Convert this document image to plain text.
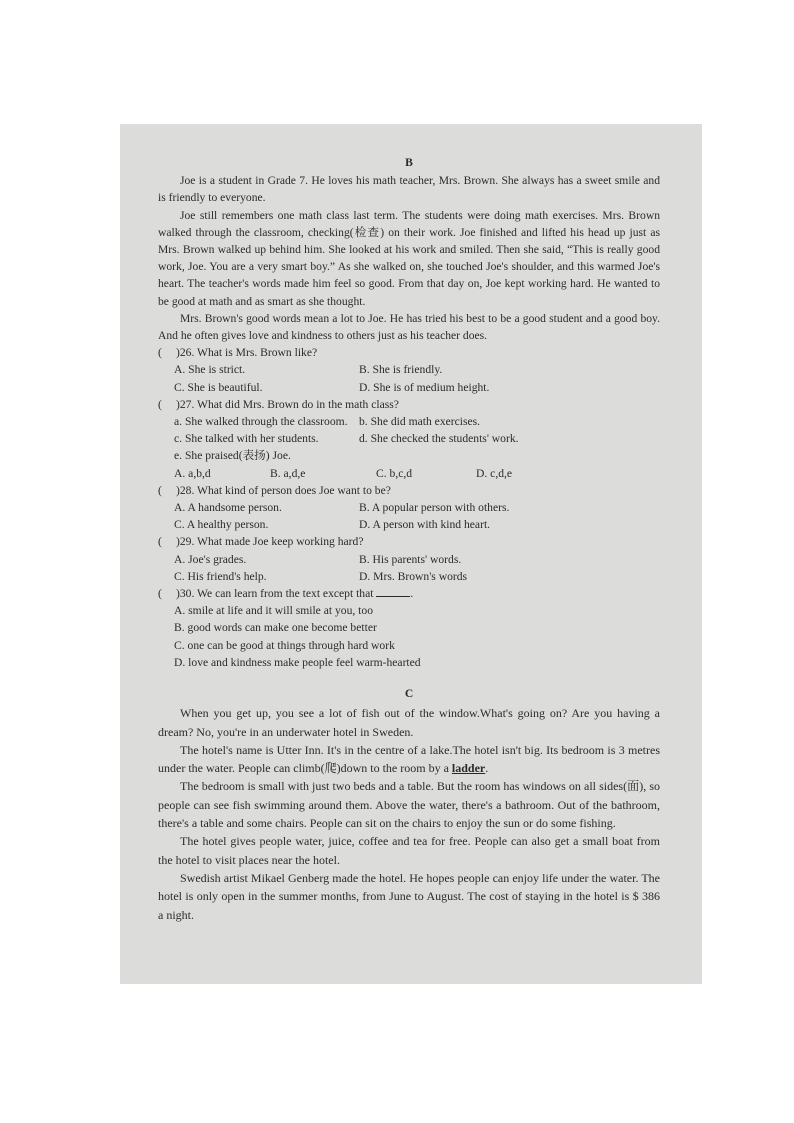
B

Joe is a student in Grade 7. He loves his math teacher, Mrs. Brown. She always has a sweet smile and is friendly to everyone.

Joe still remembers one math class last term. The students were doing math exercises. Mrs. Brown walked through the classroom, checking(检查) on their work. Joe finished and lifted his head up just as Mrs. Brown walked up behind him. She looked at his work and smiled. Then she said, “This is really good work, Joe. You are a very smart boy.” As she walked on, she touched Joe's shoulder, and this warmed Joe's heart. The teacher's words made him feel so good. From that day on, Joe kept working hard. He wanted to be good at math and as smart as she thought.

Mrs. Brown's good words mean a lot to Joe. He has tried his best to be a good student and a good boy. And he often gives love and kindness to others just as his teacher does.

( )26. What is Mrs. Brown like?
A. She is strict.	B. She is friendly.
C. She is beautiful.	D. She is of medium height.
( )27. What did Mrs. Brown do in the math class?
a. She walked through the classroom. b. She did math exercises.
c. She talked with her students.	d. She checked the students' work.
e. She praised(表扬) Joe.
A. a,b,d	B. a,d,e	C. b,c,d	D. c,d,e
( )28. What kind of person does Joe want to be?
A. A handsome person.	B. A popular person with others.
C. A healthy person.	D. A person with kind heart.
( )29. What made Joe keep working hard?
A. Joe's grades.	B. His parents' words.
C. His friend's help.	D. Mrs. Brown's words
( )30. We can learn from the text except that	.
A. smile at life and it will smile at you, too
B. good words can make one become better
C. one can be good at things through hard work
D. love and kindness make people feel warm-hearted

C

When you get up, you see a lot of fish out of the window.What's going on? Are you having a dream? No, you're in an underwater hotel in Sweden.

The hotel's name is Utter Inn. It's in the centre of a lake.The hotel isn't big. Its bedroom is 3 metres under the water. People can climb(爬)down to the room by a ladder.

The bedroom is small with just two beds and a table. But the room has windows on all sides(面), so people can see fish swimming around them. Above the water, there's a bathroom. Out of the bathroom, there's a table and some chairs. People can sit on the chairs to enjoy the sun or do some fishing.

The hotel gives people water, juice, coffee and tea for free. People can also get a small boat from the hotel to visit places near the hotel.

Swedish artist Mikael Genberg made the hotel. He hopes people can enjoy life under the water. The hotel is only open in the summer months, from June to August. The cost of staying in the hotel is $ 386 a night.
